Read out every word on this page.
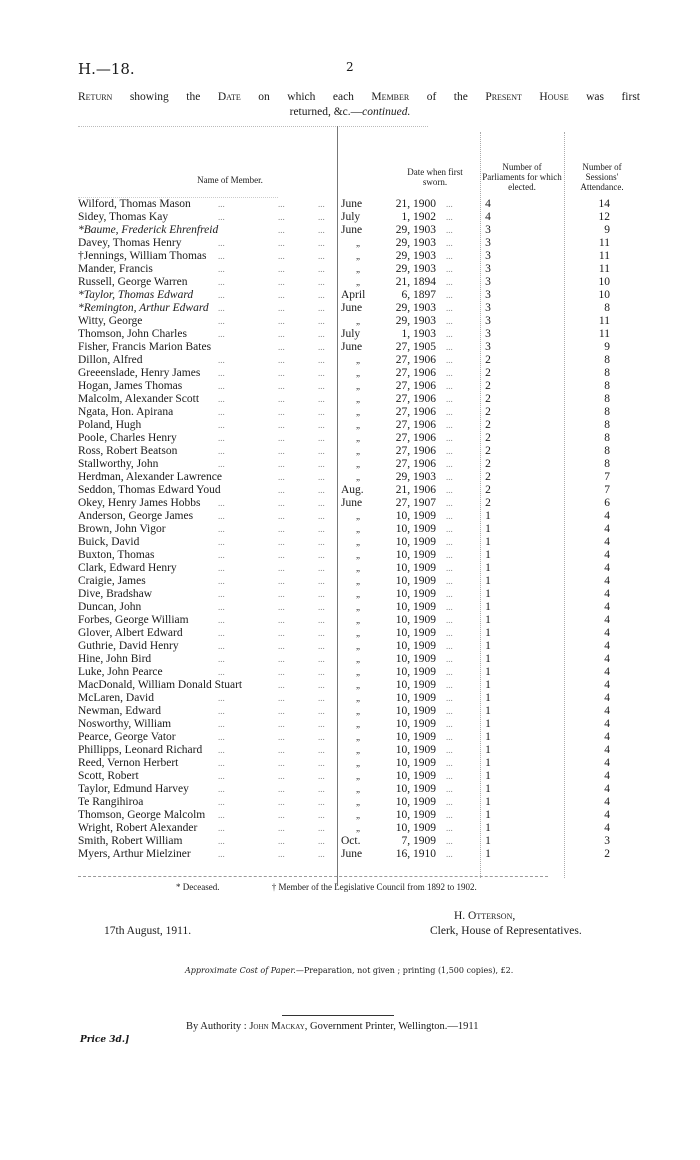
H.—18.	2
Return showing the Date on which each Member of the Present House was first
returned, &c.—continued.
Name of Member.
Date when first sworn.
Number of Parliaments for which elected.
Number of Sessions' Attendance.
Wilford, Thomas Mason	June	21, 1900	4	14
...	...	...	...
Sidey, Thomas Kay	July	1, 1902	4	12
...	...	...	...
*Baume, Frederick Ehrenfreid	June	29, 1903	3	9
...	...	...
Davey, Thomas Henry	„	29, 1903	3	11
...	...	...	...
†Jennings, William Thomas	„	29, 1903	3	11
...	...	...	...
Mander, Francis	„	29, 1903	3	11
...	...	...	...
Russell, George Warren	„	21, 1894	3	10
...	...	...	...
*Taylor, Thomas Edward	April	6, 1897	3	10
...	...	...	...
*Remington, Arthur Edward	June	29, 1903	3	8
...	...	...	...
Witty, George	„	29, 1903	3	11
...	...	...	...
Thomson, John Charles	July	1, 1903	3	11
...	...	...	...
Fisher, Francis Marion Bates	June	27, 1905	3	9
...	...	...
Dillon, Alfred	„	27, 1906	2	8
...	...	...	...
Greeenslade, Henry James	„	27, 1906	2	8
...	...	...	...
Hogan, James Thomas	„	27, 1906	2	8
...	...	...	...
Malcolm, Alexander Scott	„	27, 1906	2	8
...	...	...	...
Ngata, Hon. Apirana	„	27, 1906	2	8
...	...	...	...
Poland, Hugh	„	27, 1906	2	8
...	...	...	...
Poole, Charles Henry	„	27, 1906	2	8
...	...	...	...
Ross, Robert Beatson	„	27, 1906	2	8
...	...	...	...
Stallworthy, John	„	27, 1906	2	8
...	...	...	...
Herdman, Alexander Lawrence	„	29, 1903	2	7
...	...	...
Seddon, Thomas Edward Youd	Aug.	21, 1906	2	7
...	...	...
Okey, Henry James Hobbs	June	27, 1907	2	6
...	...	...	...
Anderson, George James	„	10, 1909	1	4
...	...	...	...
Brown, John Vigor	„	10, 1909	1	4
...	...	...	...
Buick, David	„	10, 1909	1	4
...	...	...	...
Buxton, Thomas	„	10, 1909	1	4
...	...	...	...
Clark, Edward Henry	„	10, 1909	1	4
...	...	...	...
Craigie, James	„	10, 1909	1	4
...	...	...	...
Dive, Bradshaw	„	10, 1909	1	4
...	...	...	...
Duncan, John	„	10, 1909	1	4
...	...	...	...
Forbes, George William	„	10, 1909	1	4
...	...	...	...
Glover, Albert Edward	„	10, 1909	1	4
...	...	...	...
Guthrie, David Henry	„	10, 1909	1	4
...	...	...	...
Hine, John Bird	„	10, 1909	1	4
...	...	...	...
Luke, John Pearce	„	10, 1909	1	4
...	...	...	...
MacDonald, William Donald Stuart	„	10, 1909	1	4
...	...	...
McLaren, David	„	10, 1909	1	4
...	...	...	...
Newman, Edward	„	10, 1909	1	4
...	...	...	...
Nosworthy, William	„	10, 1909	1	4
...	...	...	...
Pearce, George Vator	„	10, 1909	1	4
...	...	...	...
Phillipps, Leonard Richard	„	10, 1909	1	4
...	...	...	...
Reed, Vernon Herbert	„	10, 1909	1	4
...	...	...	...
Scott, Robert	„	10, 1909	1	4
...	...	...	...
Taylor, Edmund Harvey	„	10, 1909	1	4
...	...	...	...
Te Rangihiroa	„	10, 1909	1	4
...	...	...	...
Thomson, George Malcolm	„	10, 1909	1	4
...	...	...	...
Wright, Robert Alexander	„	10, 1909	1	4
...	...	...	...
Smith, Robert William	Oct.	7, 1909	1	3
...	...	...	...
Myers, Arthur Mielziner	June	16, 1910	1	2
...	...	...	...
* Deceased.	† Member of the Legislative Council from 1892 to 1902.
H. Otterson,
Clerk, House of Representatives.
17th August, 1911.
Approximate Cost of Paper.—Preparation, not given ; printing (1,500 copies), £2.
By Authority : John Mackay, Government Printer, Wellington.—1911
Price 3d.]
